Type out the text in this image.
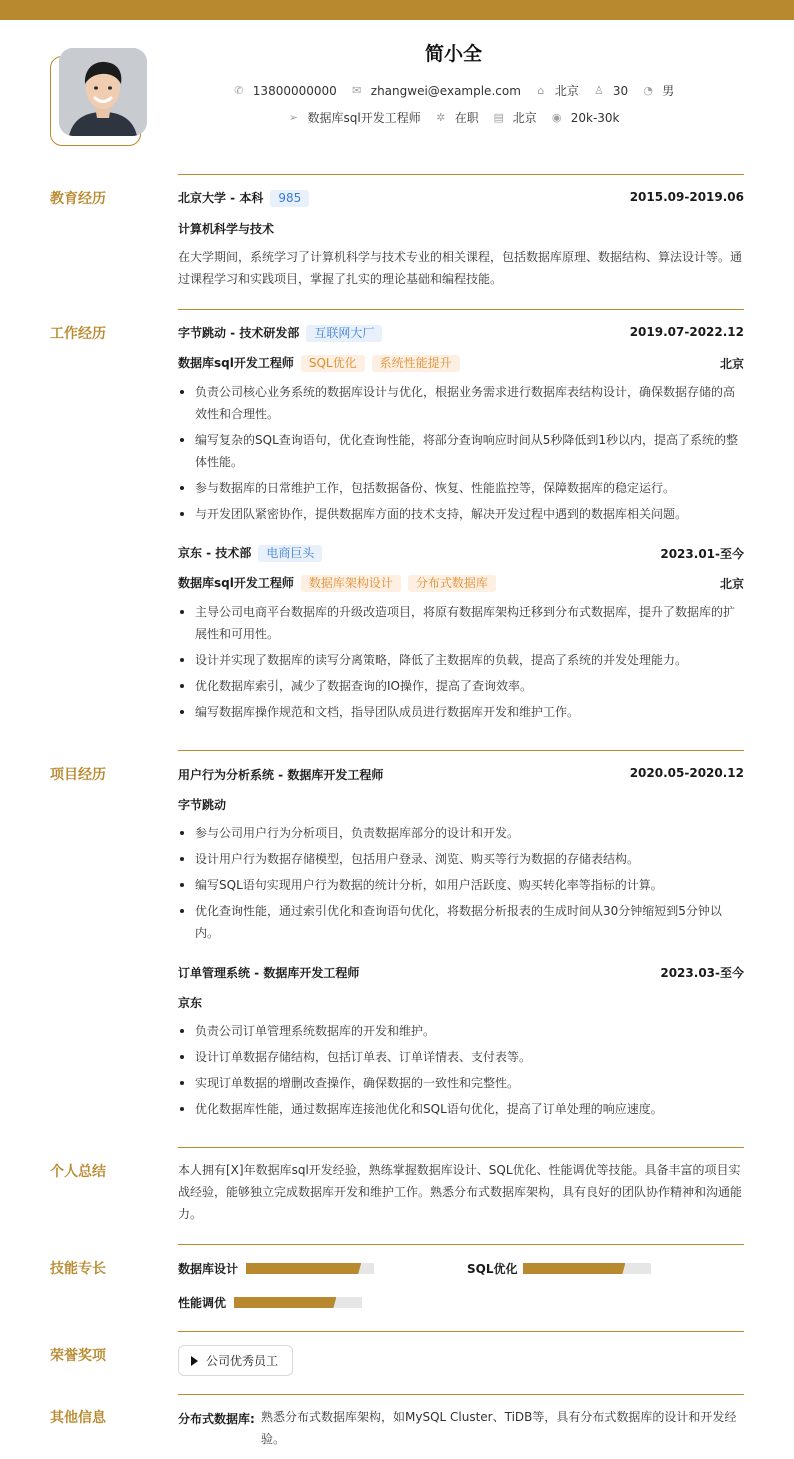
简小全
✆ 13800000000 ✉ zhangwei@example.com ⌂ 北京 ♙ 30 ◔ 男
➢ 数据库sql开发工程师 ✲ 在职 ▤ 北京 ◉ 20k-30k
教育经历	北京大学 - 本科 985	2015.09-2019.06
计算机科学与技术
在大学期间，系统学习了计算机科学与技术专业的相关课程，包括数据库原理、数据结构、算法设计等。通过课程学习和实践项目，掌握了扎实的理论基础和编程技能。
工作经历	字节跳动 - 技术研发部 互联网大厂	2019.07-2022.12
数据库sql开发工程师 SQL优化 系统性能提升	北京
负责公司核心业务系统的数据库设计与优化，根据业务需求进行数据库表结构设计，确保数据存储的高效性和合理性。
编写复杂的SQL查询语句，优化查询性能，将部分查询响应时间从5秒降低到1秒以内，提高了系统的整体性能。
参与数据库的日常维护工作，包括数据备份、恢复、性能监控等，保障数据库的稳定运行。
与开发团队紧密协作，提供数据库方面的技术支持，解决开发过程中遇到的数据库相关问题。
京东 - 技术部 电商巨头	2023.01-至今
数据库sql开发工程师 数据库架构设计 分布式数据库	北京
主导公司电商平台数据库的升级改造项目，将原有数据库架构迁移到分布式数据库，提升了数据库的扩展性和可用性。
设计并实现了数据库的读写分离策略，降低了主数据库的负载，提高了系统的并发处理能力。
优化数据库索引，减少了数据查询的IO操作，提高了查询效率。
编写数据库操作规范和文档，指导团队成员进行数据库开发和维护工作。
项目经历	用户行为分析系统 - 数据库开发工程师	2020.05-2020.12
字节跳动
参与公司用户行为分析项目，负责数据库部分的设计和开发。
设计用户行为数据存储模型，包括用户登录、浏览、购买等行为数据的存储表结构。
编写SQL语句实现用户行为数据的统计分析，如用户活跃度、购买转化率等指标的计算。
优化查询性能，通过索引优化和查询语句优化，将数据分析报表的生成时间从30分钟缩短到5分钟以内。
订单管理系统 - 数据库开发工程师	2023.03-至今
京东
负责公司订单管理系统数据库的开发和维护。
设计订单数据存储结构，包括订单表、订单详情表、支付表等。
实现订单数据的增删改查操作，确保数据的一致性和完整性。
优化数据库性能，通过数据库连接池优化和SQL语句优化，提高了订单处理的响应速度。
个人总结	本人拥有[X]年数据库sql开发经验，熟练掌握数据库设计、SQL优化、性能调优等技能。具备丰富的项目实战经验，能够独立完成数据库开发和维护工作。熟悉分布式数据库架构，具有良好的团队协作精神和沟通能力。
技能专长	数据库设计	SQL优化
性能调优
荣誉奖项	公司优秀员工
其他信息	分布式数据库: 熟悉分布式数据库架构，如MySQL Cluster、TiDB等，具有分布式数据库的设计和开发经验。
